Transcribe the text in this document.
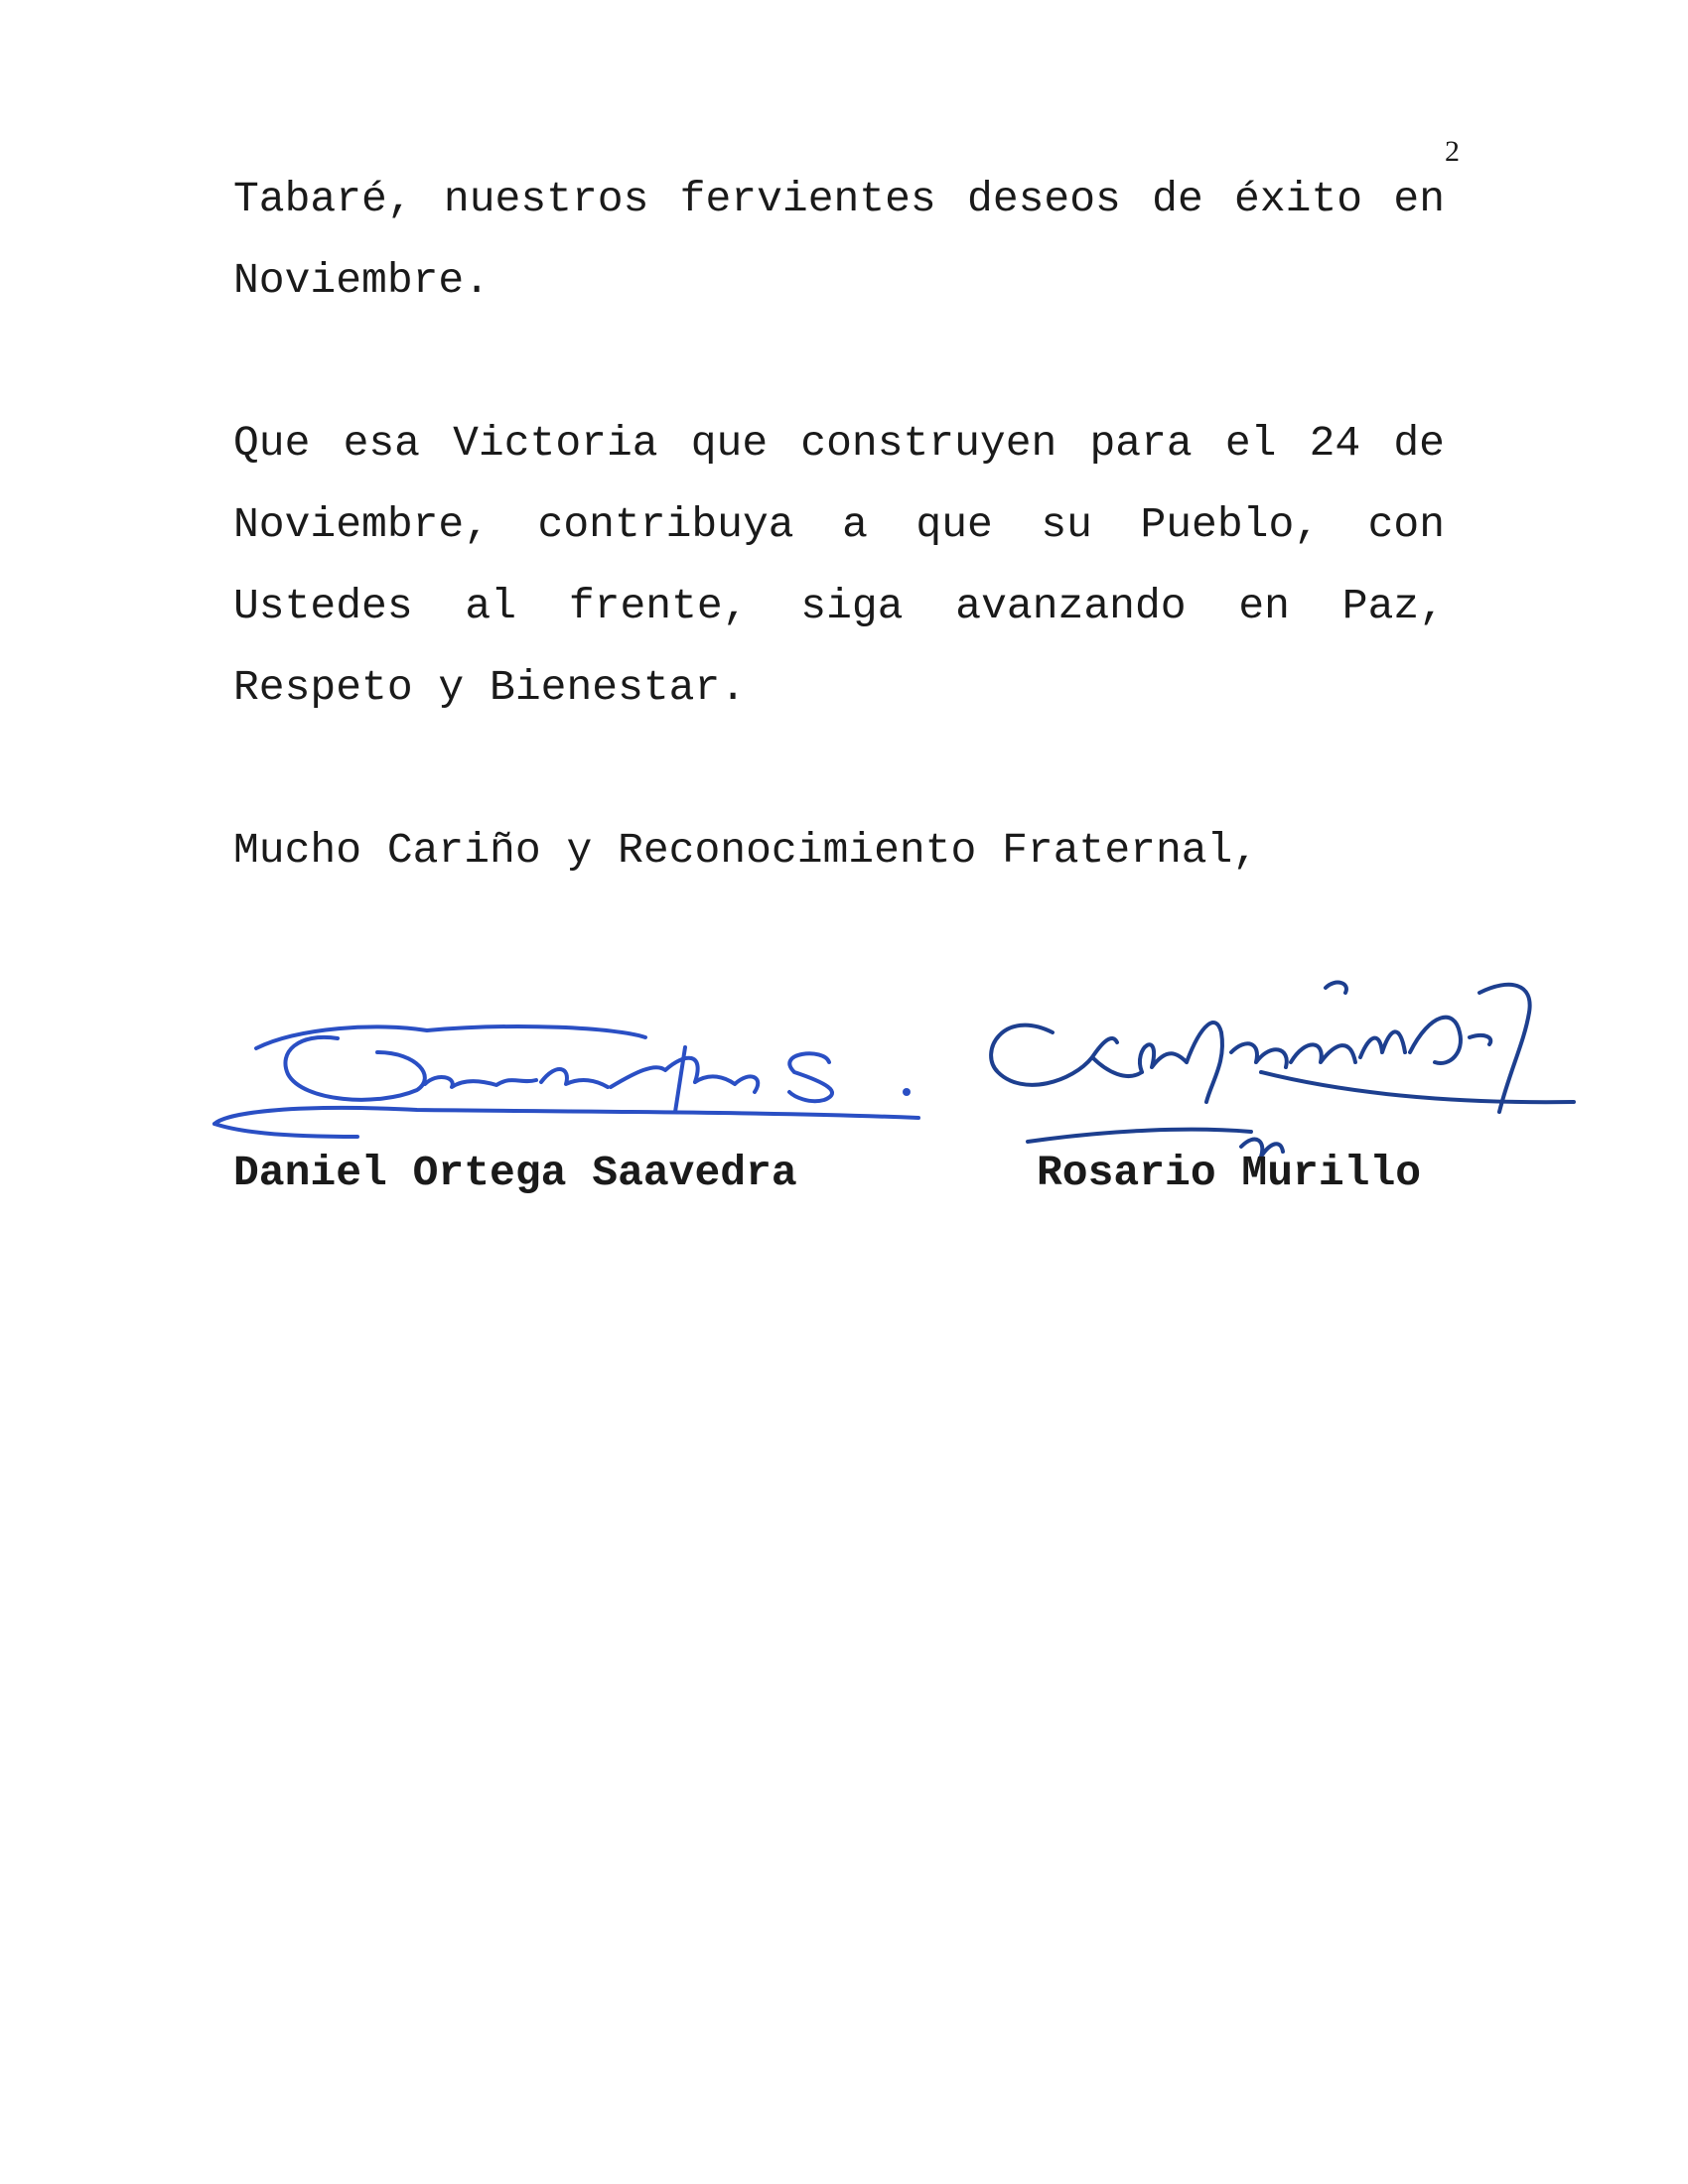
2

Tabaré, nuestros fervientes deseos de éxito en Noviembre.

Que esa Victoria que construyen para el 24 de Noviembre, contribuya a que su Pueblo, con Ustedes al frente, siga avanzando en Paz, Respeto y Bienestar.

Mucho Cariño y Reconocimiento Fraternal,

Daniel Ortega Saavedra	Rosario Murillo
